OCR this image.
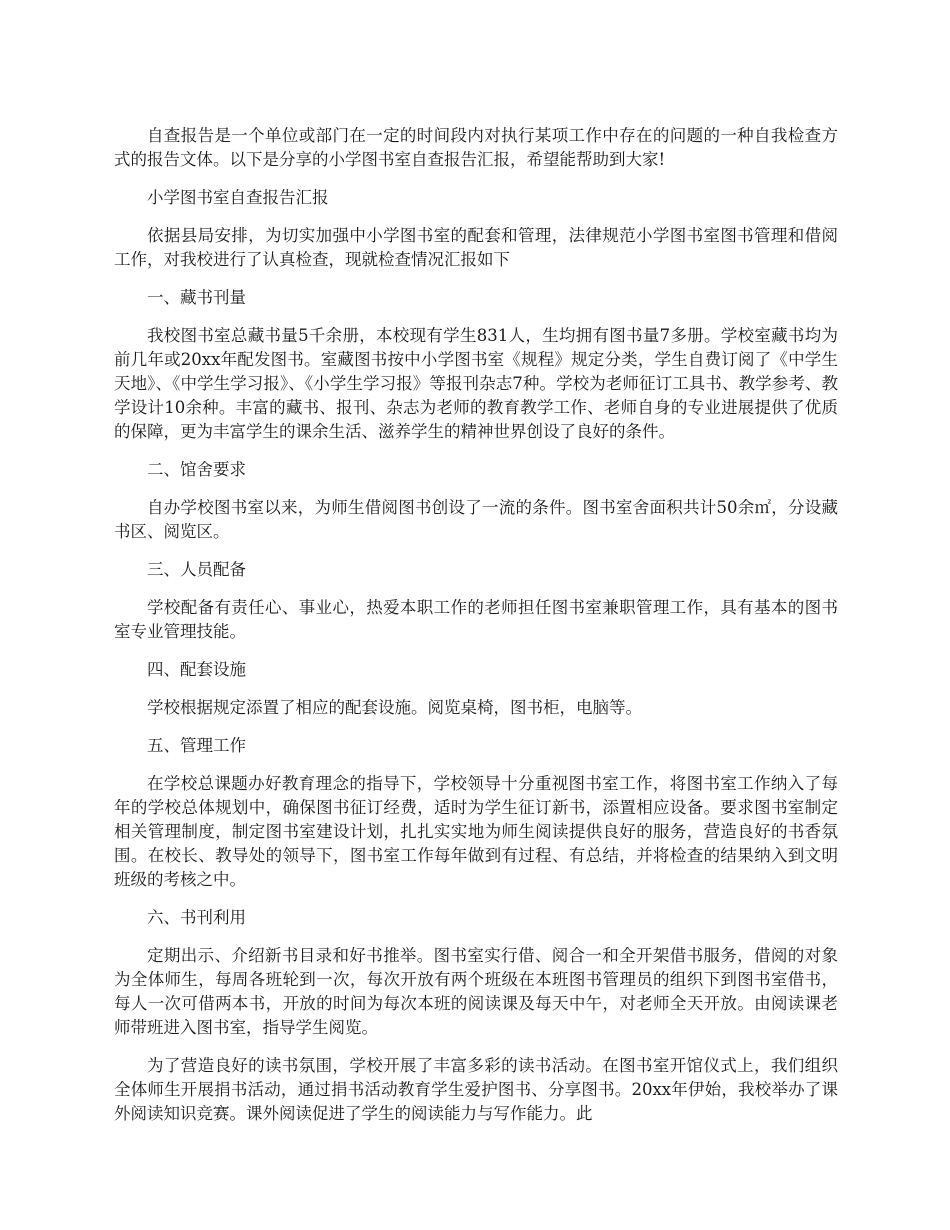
自查报告是一个单位或部门在一定的时间段内对执行某项工作中存在的问题的一种自我检查方式的报告文体。以下是分享的小学图书室自查报告汇报，希望能帮助到大家!

小学图书室自查报告汇报

依据县局安排，为切实加强中小学图书室的配套和管理，法律规范小学图书室图书管理和借阅工作，对我校进行了认真检查，现就检查情况汇报如下

一、藏书刊量

我校图书室总藏书量5千余册，本校现有学生831人，生均拥有图书量7多册。学校室藏书均为前几年或20xx年配发图书。室藏图书按中小学图书室《规程》规定分类，学生自费订阅了《中学生天地》、《中学生学习报》、《小学生学习报》等报刊杂志7种。学校为老师征订工具书、教学参考、教学设计10余种。丰富的藏书、报刊、杂志为老师的教育教学工作、老师自身的专业进展提供了优质的保障，更为丰富学生的课余生活、滋养学生的精神世界创设了良好的条件。

二、馆舍要求

自办学校图书室以来，为师生借阅图书创设了一流的条件。图书室舍面积共计50余㎡，分设藏书区、阅览区。

三、人员配备

学校配备有责任心、事业心，热爱本职工作的老师担任图书室兼职管理工作，具有基本的图书室专业管理技能。

四、配套设施

学校根据规定添置了相应的配套设施。阅览桌椅，图书柜，电脑等。

五、管理工作

在学校总课题办好教育理念的指导下，学校领导十分重视图书室工作，将图书室工作纳入了每年的学校总体规划中，确保图书征订经费，适时为学生征订新书，添置相应设备。要求图书室制定相关管理制度，制定图书室建设计划，扎扎实实地为师生阅读提供良好的服务，营造良好的书香氛围。在校长、教导处的领导下，图书室工作每年做到有过程、有总结，并将检查的结果纳入到文明班级的考核之中。

六、书刊利用

定期出示、介绍新书目录和好书推举。图书室实行借、阅合一和全开架借书服务，借阅的对象为全体师生，每周各班轮到一次，每次开放有两个班级在本班图书管理员的组织下到图书室借书，每人一次可借两本书，开放的时间为每次本班的阅读课及每天中午，对老师全天开放。由阅读课老师带班进入图书室，指导学生阅览。

为了营造良好的读书氛围，学校开展了丰富多彩的读书活动。在图书室开馆仪式上，我们组织全体师生开展捐书活动，通过捐书活动教育学生爱护图书、分享图书。20xx年伊始，我校举办了课外阅读知识竞赛。课外阅读促进了学生的阅读能力与写作能力。此
